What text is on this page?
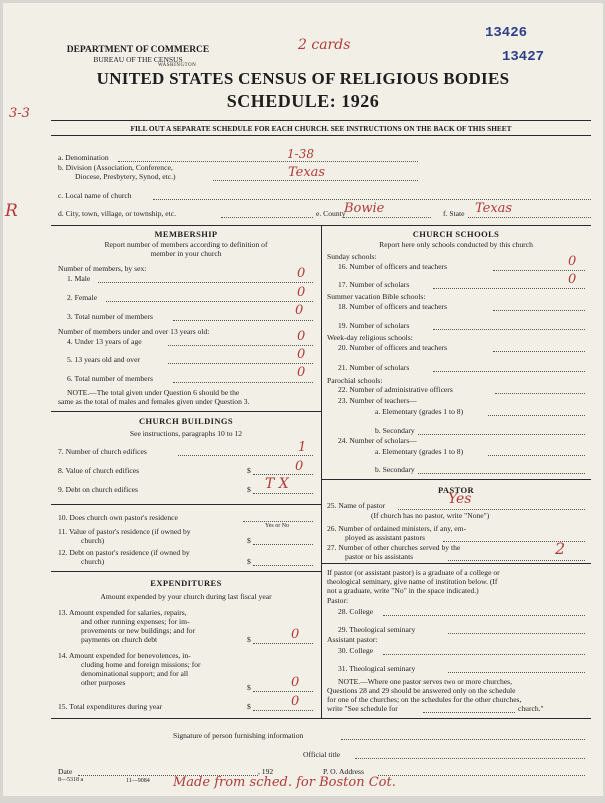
DEPARTMENT OF COMMERCE
BUREAU OF THE CENSUS
WASHINGTON
13426
13427
2 cards
UNITED STATES CENSUS OF RELIGIOUS BODIES
SCHEDULE: 1926
3-3
R
FILL OUT A SEPARATE SCHEDULE FOR EACH CHURCH. SEE INSTRUCTIONS ON THE BACK OF THIS SHEET
a. Denomination	1-38
b. Division (Association, Conference,
Diocese, Presbytery, Synod, etc.)	Texas
c. Local name of church
d. City, town, village, or township, etc.	e. County
Bowie	f. State Texas
MEMBERSHIP
Report number of members according to definition of
member in your church
Number of members, by sex:
1. Male	0
2. Female	0
3. Total number of members	0
Number of members under and over 13 years old:
4. Under 13 years of age	0
5. 13 years old and over	0
6. Total number of members	0
NOTE.—The total given under Question 6 should be the
same as the total of males and females given under Question 3.
CHURCH BUILDINGS
See instructions, paragraphs 10 to 12
7. Number of church edifices	1
8. Value of church edifices	$	0
9. Debt on church edifices	$ T X
10. Does church own pastor's residence
Yes or No
11. Value of pastor's residence (if owned by
church)	$
12. Debt on pastor's residence (if owned by
church)	$
EXPENDITURES
Amount expended by your church during last fiscal year
13. Amount expended for salaries, repairs,
and other running expenses; for im-
provements or new buildings; and for
payments on church debt	$	0
14. Amount expended for benevolences, in-
cluding home and foreign missions; for
denominational support; and for all
other purposes
$	0
15. Total expenditures during year	$	0
CHURCH SCHOOLS
Report here only schools conducted by this church
Sunday schools:
16. Number of officers and teachers	0
17. Number of scholars	0
Summer vacation Bible schools:
18. Number of officers and teachers
19. Number of scholars
Week-day religious schools:
20. Number of officers and teachers
21. Number of scholars
Parochial schools:
22. Number of administrative officers
23. Number of teachers—
a. Elementary (grades 1 to 8)
b. Secondary
24. Number of scholars—
a. Elementary (grades 1 to 8)
b. Secondary
PASTOR
25. Name of pastor	Yes
(If church has no pastor, write "None")
26. Number of ordained ministers, if any, em-
ployed as assistant pastors
27. Number of other churches served by the
pastor or his assistants	2
If pastor (or assistant pastor) is a graduate of a college or
theological seminary, give name of institution below. (If
not a graduate, write "No" in the space indicated.)
Pastor:
28. College
29. Theological seminary
Assistant pastor:
30. College
31. Theological seminary
NOTE.—Where one pastor serves two or more churches,
Questions 28 and 29 should be answered only on the schedule
for one of the churches; on the schedules for the other churches,
write "See schedule for	church."
Signature of person furnishing information
Official title
Date	, 192	P. O. Address
8—5318 a	11—9084 Made from sched. for Boston Cot.
